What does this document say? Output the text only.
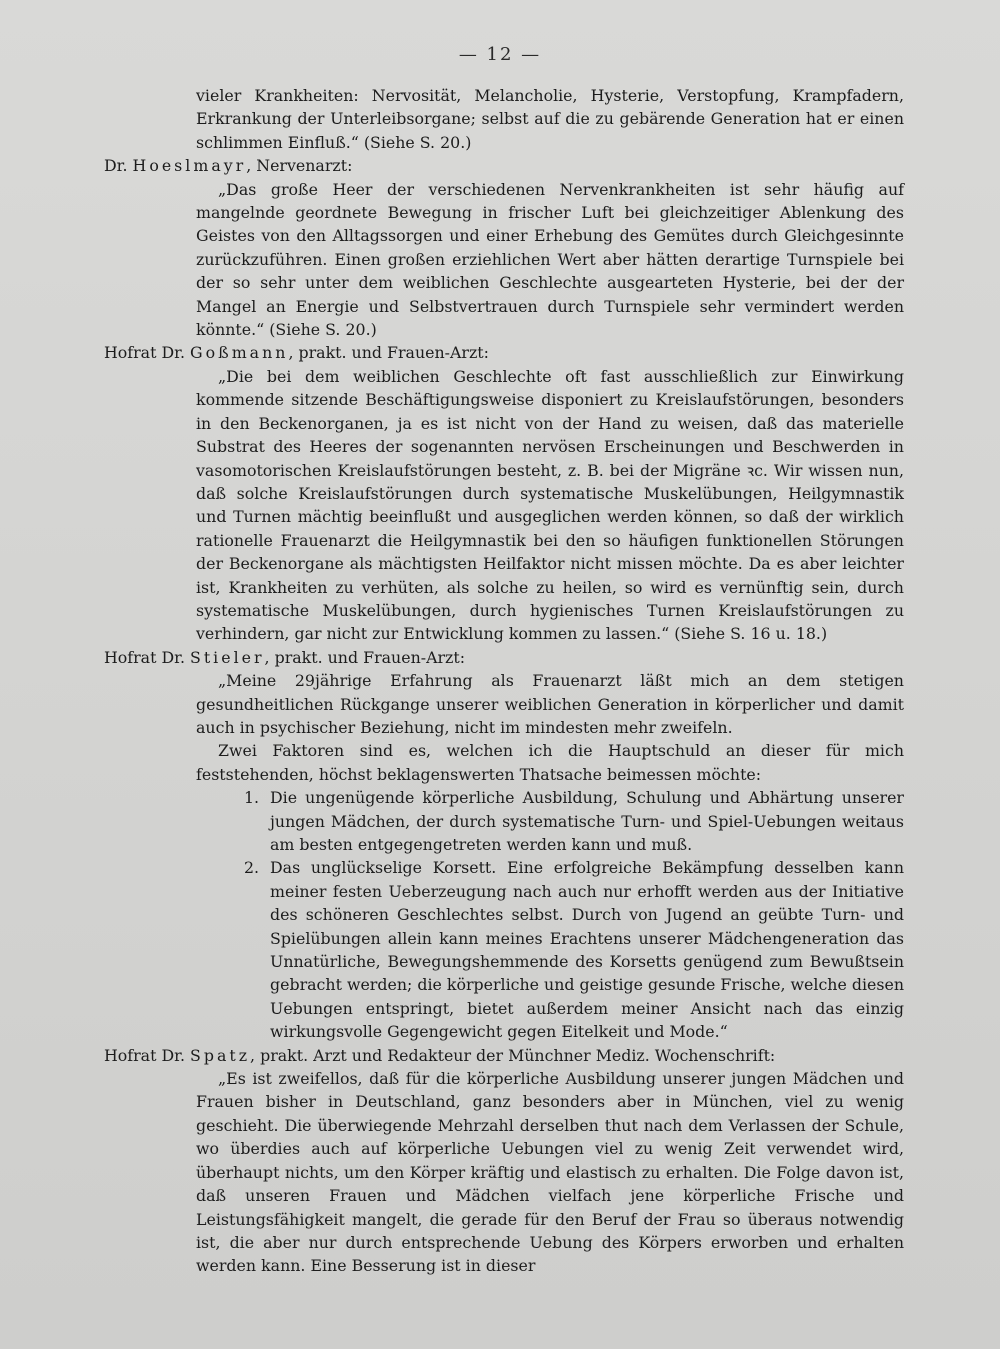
— 12 —

vieler Krankheiten: Nervosität, Melancholie, Hysterie, Verstopfung, Krampfadern, Erkrankung der Unterleibsorgane; selbst auf die zu gebärende Generation hat er einen schlimmen Einfluß.“ (Siehe S. 20.)

Dr. Hoeslmayr, Nervenarzt:

„Das große Heer der verschiedenen Nervenkrankheiten ist sehr häufig auf mangelnde geordnete Bewegung in frischer Luft bei gleichzeitiger Ablenkung des Geistes von den Alltagssorgen und einer Erhebung des Gemütes durch Gleichgesinnte zurückzuführen. Einen großen erziehlichen Wert aber hätten derartige Turnspiele bei der so sehr unter dem weiblichen Geschlechte ausgearteten Hysterie, bei der der Mangel an Energie und Selbstvertrauen durch Turnspiele sehr vermindert werden könnte.“ (Siehe S. 20.)

Hofrat Dr. Goßmann, prakt. und Frauen-Arzt:

„Die bei dem weiblichen Geschlechte oft fast ausschließlich zur Einwirkung kommende sitzende Beschäftigungsweise disponiert zu Kreislaufstörungen, besonders in den Beckenorganen, ja es ist nicht von der Hand zu weisen, daß das materielle Substrat des Heeres der sogenannten nervösen Erscheinungen und Beschwerden in vasomotorischen Kreislaufstörungen besteht, z. B. bei der Migräne ꝛc. Wir wissen nun, daß solche Kreislaufstörungen durch systematische Muskelübungen, Heilgymnastik und Turnen mächtig beeinflußt und ausgeglichen werden können, so daß der wirklich rationelle Frauenarzt die Heilgymnastik bei den so häufigen funktionellen Störungen der Beckenorgane als mächtigsten Heilfaktor nicht missen möchte. Da es aber leichter ist, Krankheiten zu verhüten, als solche zu heilen, so wird es vernünftig sein, durch systematische Muskelübungen, durch hygienisches Turnen Kreislaufstörungen zu verhindern, gar nicht zur Entwicklung kommen zu lassen.“ (Siehe S. 16 u. 18.)

Hofrat Dr. Stieler, prakt. und Frauen-Arzt:

„Meine 29jährige Erfahrung als Frauenarzt läßt mich an dem stetigen gesundheitlichen Rückgange unserer weiblichen Generation in körperlicher und damit auch in psychischer Beziehung, nicht im mindesten mehr zweifeln.

Zwei Faktoren sind es, welchen ich die Hauptschuld an dieser für mich feststehenden, höchst beklagenswerten Thatsache beimessen möchte:

1. Die ungenügende körperliche Ausbildung, Schulung und Abhärtung unserer jungen Mädchen, der durch systematische Turn- und Spiel-Uebungen weitaus am besten entgegengetreten werden kann und muß.
2. Das unglückselige Korsett. Eine erfolgreiche Bekämpfung desselben kann meiner festen Ueberzeugung nach auch nur erhofft werden aus der Initiative des schöneren Geschlechtes selbst. Durch von Jugend an geübte Turn- und Spielübungen allein kann meines Erachtens unserer Mädchengeneration das Unnatürliche, Bewegungshemmende des Korsetts genügend zum Bewußtsein gebracht werden; die körperliche und geistige gesunde Frische, welche diesen Uebungen entspringt, bietet außerdem meiner Ansicht nach das einzig wirkungsvolle Gegengewicht gegen Eitelkeit und Mode.“

Hofrat Dr. Spatz, prakt. Arzt und Redakteur der Münchner Mediz. Wochenschrift:

„Es ist zweifellos, daß für die körperliche Ausbildung unserer jungen Mädchen und Frauen bisher in Deutschland, ganz besonders aber in München, viel zu wenig geschieht. Die überwiegende Mehrzahl derselben thut nach dem Verlassen der Schule, wo überdies auch auf körperliche Uebungen viel zu wenig Zeit verwendet wird, überhaupt nichts, um den Körper kräftig und elastisch zu erhalten. Die Folge davon ist, daß unseren Frauen und Mädchen vielfach jene körperliche Frische und Leistungsfähigkeit mangelt, die gerade für den Beruf der Frau so überaus notwendig ist, die aber nur durch entsprechende Uebung des Körpers erworben und erhalten werden kann. Eine Besserung ist in dieser
